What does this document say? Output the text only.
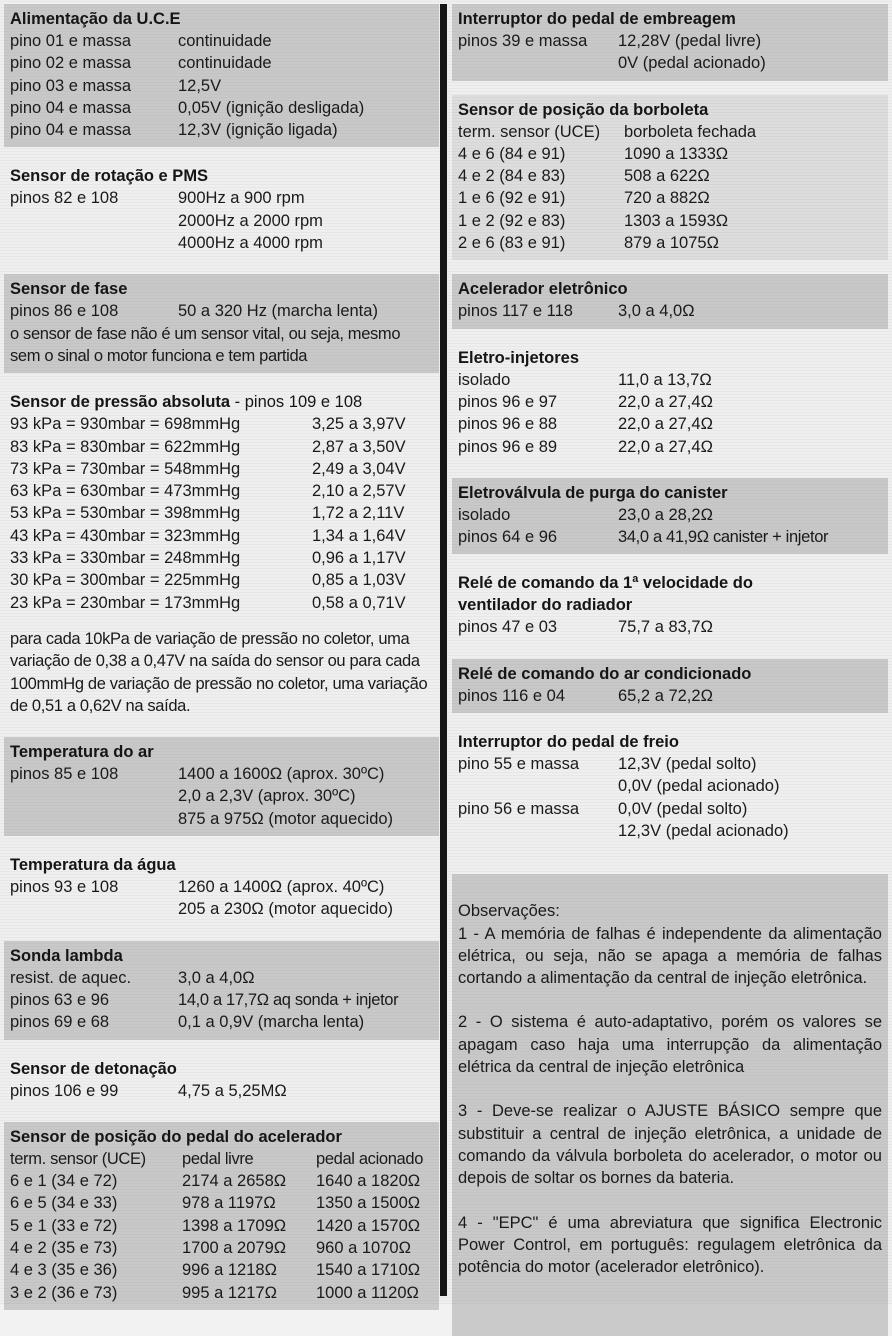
Alimentação da U.C.E
pino 01 e massa	continuidade
pino 02 e massa	continuidade
pino 03 e massa	12,5V
pino 04 e massa	0,05V (ignição desligada)
pino 04 e massa	12,3V (ignição ligada)
Sensor de rotação e PMS
pinos 82 e 108	900Hz a 900 rpm
2000Hz a 2000 rpm
4000Hz a 4000 rpm
Sensor de fase
pinos 86 e 108	50 a 320 Hz (marcha lenta)
o sensor de fase não é um sensor vital, ou seja, mesmo sem o sinal o motor funciona e tem partida
Sensor de pressão absoluta - pinos 109 e 108
93 kPa = 930mbar = 698mmHg	3,25 a 3,97V
83 kPa = 830mbar = 622mmHg	2,87 a 3,50V
73 kPa = 730mbar = 548mmHg	2,49 a 3,04V
63 kPa = 630mbar = 473mmHg	2,10 a 2,57V
53 kPa = 530mbar = 398mmHg	1,72 a 2,11V
43 kPa = 430mbar = 323mmHg	1,34 a 1,64V
33 kPa = 330mbar = 248mmHg	0,96 a 1,17V
30 kPa = 300mbar = 225mmHg	0,85 a 1,03V
23 kPa = 230mbar = 173mmHg	0,58 a 0,71V
para cada 10kPa de variação de pressão no coletor, uma variação de 0,38 a 0,47V na saída do sensor ou para cada 100mmHg de variação de pressão no coletor, uma variação de 0,51 a 0,62V na saída.
Temperatura do ar
pinos 85 e 108	1400 a 1600Ω (aprox. 30ºC)
2,0 a 2,3V (aprox. 30ºC)
875 a 975Ω (motor aquecido)
Temperatura da água
pinos 93 e 108	1260 a 1400Ω (aprox. 40ºC)
205 a 230Ω (motor aquecido)
Sonda lambda
resist. de aquec.	3,0 a 4,0Ω
pinos 63 e 96	14,0 a 17,7Ω aq sonda + injetor
pinos 69 e 68	0,1 a 0,9V (marcha lenta)
Sensor de detonação
pinos 106 e 99	4,75 a 5,25MΩ
Sensor de posição do pedal do acelerador
term. sensor (UCE)	pedal livre	pedal acionado
6 e 1 (34 e 72)	2174 a 2658Ω	1640 a 1820Ω
6 e 5 (34 e 33)	978 a 1197Ω	1350 a 1500Ω
5 e 1 (33 e 72)	1398 a 1709Ω	1420 a 1570Ω
4 e 2 (35 e 73)	1700 a 2079Ω	960 a 1070Ω
4 e 3 (35 e 36)	996 a 1218Ω	1540 a 1710Ω
3 e 2 (36 e 73)	995 a 1217Ω	1000 a 1120Ω
Interruptor do pedal de embreagem
pinos 39 e massa	12,28V (pedal livre)
0V (pedal acionado)
Sensor de posição da borboleta
term. sensor (UCE)	borboleta fechada
4 e 6 (84 e 91)	1090 a 1333Ω
4 e 2 (84 e 83)	508 a 622Ω
1 e 6 (92 e 91)	720 a 882Ω
1 e 2 (92 e 83)	1303 a 1593Ω
2 e 6 (83 e 91)	879 a 1075Ω
Acelerador eletrônico
pinos 117 e 118	3,0 a 4,0Ω
Eletro-injetores
isolado	11,0 a 13,7Ω
pinos 96 e 97	22,0 a 27,4Ω
pinos 96 e 88	22,0 a 27,4Ω
pinos 96 e 89	22,0 a 27,4Ω
Eletroválvula de purga do canister
isolado	23,0 a 28,2Ω
pinos 64 e 96	34,0 a 41,9Ω canister + injetor
Relé de comando da 1ª velocidade do
ventilador do radiador
pinos 47 e 03	75,7 a 83,7Ω
Relé de comando do ar condicionado
pinos 116 e 04	65,2 a 72,2Ω
Interruptor do pedal de freio
pino 55 e massa	12,3V (pedal solto)
0,0V (pedal acionado)
pino 56 e massa	0,0V (pedal solto)
12,3V (pedal acionado)
Observações:
1 - A memória de falhas é independente da alimentação elétrica, ou seja, não se apaga a memória de falhas cortando a alimentação da central de injeção eletrônica.
2 - O sistema é auto-adaptativo, porém os valores se apagam caso haja uma interrupção da alimentação elétrica da central de injeção eletrônica
3 - Deve-se realizar o AJUSTE BÁSICO sempre que substituir a central de injeção eletrônica, a unidade de comando da válvula borboleta do acelerador, o motor ou depois de soltar os bornes da bateria.
4 - "EPC" é uma abreviatura que significa Electronic Power Control, em português: regulagem eletrônica da potência do motor (acelerador eletrônico).
